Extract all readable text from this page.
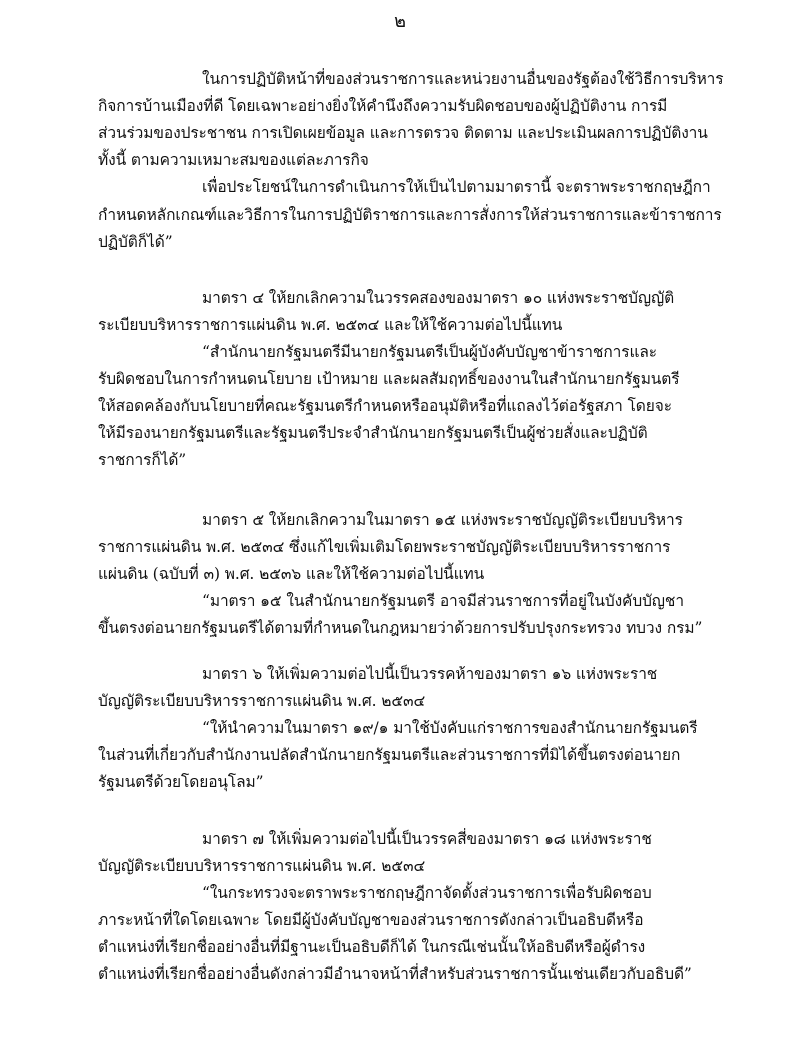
๒
ในการปฏิบัติหน้าที่ของส่วนราชการและหน่วยงานอื่นของรัฐต้องใช้วิธีการบริหาร
กิจการบ้านเมืองที่ดี โดยเฉพาะอย่างยิ่งให้คำนึงถึงความรับผิดชอบของผู้ปฏิบัติงาน การมี
ส่วนร่วมของประชาชน การเปิดเผยข้อมูล และการตรวจ ติดตาม และประเมินผลการปฏิบัติงาน
ทั้งนี้ ตามความเหมาะสมของแต่ละภารกิจ
เพื่อประโยชน์ในการดำเนินการให้เป็นไปตามมาตรานี้ จะตราพระราชกฤษฎีกา
กำหนดหลักเกณฑ์และวิธีการในการปฏิบัติราชการและการสั่งการให้ส่วนราชการและข้าราชการ
ปฏิบัติก็ได้”
มาตรา ๔ ให้ยกเลิกความในวรรคสองของมาตรา ๑๐ แห่งพระราชบัญญัติ
ระเบียบบริหารราชการแผ่นดิน พ.ศ. ๒๕๓๔ และให้ใช้ความต่อไปนี้แทน
“สำนักนายกรัฐมนตรีมีนายกรัฐมนตรีเป็นผู้บังคับบัญชาข้าราชการและ
รับผิดชอบในการกำหนดนโยบาย เป้าหมาย และผลสัมฤทธิ์ของงานในสำนักนายกรัฐมนตรี
ให้สอดคล้องกับนโยบายที่คณะรัฐมนตรีกำหนดหรืออนุมัติหรือที่แถลงไว้ต่อรัฐสภา โดยจะ
ให้มีรองนายกรัฐมนตรีและรัฐมนตรีประจำสำนักนายกรัฐมนตรีเป็นผู้ช่วยสั่งและปฏิบัติ
ราชการก็ได้”
มาตรา ๕ ให้ยกเลิกความในมาตรา ๑๕ แห่งพระราชบัญญัติระเบียบบริหาร
ราชการแผ่นดิน พ.ศ. ๒๕๓๔ ซึ่งแก้ไขเพิ่มเติมโดยพระราชบัญญัติระเบียบบริหารราชการ
แผ่นดิน (ฉบับที่ ๓) พ.ศ. ๒๕๓๖ และให้ใช้ความต่อไปนี้แทน
“มาตรา ๑๕ ในสำนักนายกรัฐมนตรี อาจมีส่วนราชการที่อยู่ในบังคับบัญชา
ขึ้นตรงต่อนายกรัฐมนตรีได้ตามที่กำหนดในกฎหมายว่าด้วยการปรับปรุงกระทรวง ทบวง กรม”
มาตรา ๖ ให้เพิ่มความต่อไปนี้เป็นวรรคห้าของมาตรา ๑๖ แห่งพระราช
บัญญัติระเบียบบริหารราชการแผ่นดิน พ.ศ. ๒๕๓๔
“ให้นำความในมาตรา ๑๙/๑ มาใช้บังคับแก่ราชการของสำนักนายกรัฐมนตรี
ในส่วนที่เกี่ยวกับสำนักงานปลัดสำนักนายกรัฐมนตรีและส่วนราชการที่มิได้ขึ้นตรงต่อนายก
รัฐมนตรีด้วยโดยอนุโลม”
มาตรา ๗ ให้เพิ่มความต่อไปนี้เป็นวรรคสี่ของมาตรา ๑๘ แห่งพระราช
บัญญัติระเบียบบริหารราชการแผ่นดิน พ.ศ. ๒๕๓๔
“ในกระทรวงจะตราพระราชกฤษฎีกาจัดตั้งส่วนราชการเพื่อรับผิดชอบ
ภาระหน้าที่ใดโดยเฉพาะ โดยมีผู้บังคับบัญชาของส่วนราชการดังกล่าวเป็นอธิบดีหรือ
ตำแหน่งที่เรียกชื่ออย่างอื่นที่มีฐานะเป็นอธิบดีก็ได้ ในกรณีเช่นนั้นให้อธิบดีหรือผู้ดำรง
ตำแหน่งที่เรียกชื่ออย่างอื่นดังกล่าวมีอำนาจหน้าที่สำหรับส่วนราชการนั้นเช่นเดียวกับอธิบดี”
